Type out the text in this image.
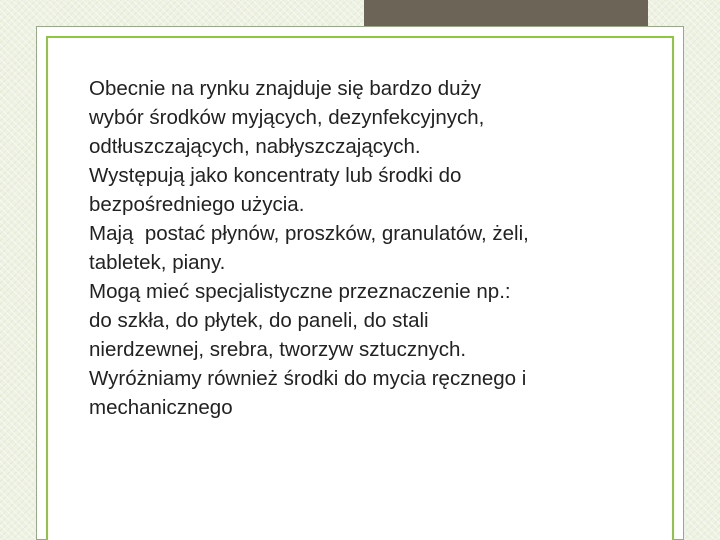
Obecnie na rynku znajduje się bardzo duży
wybór środków myjących, dezynfekcyjnych,
odtłuszczających, nabłyszczających.
Występują jako koncentraty lub środki do
bezpośredniego użycia.
Mają  postać płynów, proszków, granulatów, żeli,
tabletek, piany.
Mogą mieć specjalistyczne przeznaczenie np.:
do szkła, do płytek, do paneli, do stali
nierdzewnej, srebra, tworzyw sztucznych.
Wyróżniamy również środki do mycia ręcznego i
mechanicznego
